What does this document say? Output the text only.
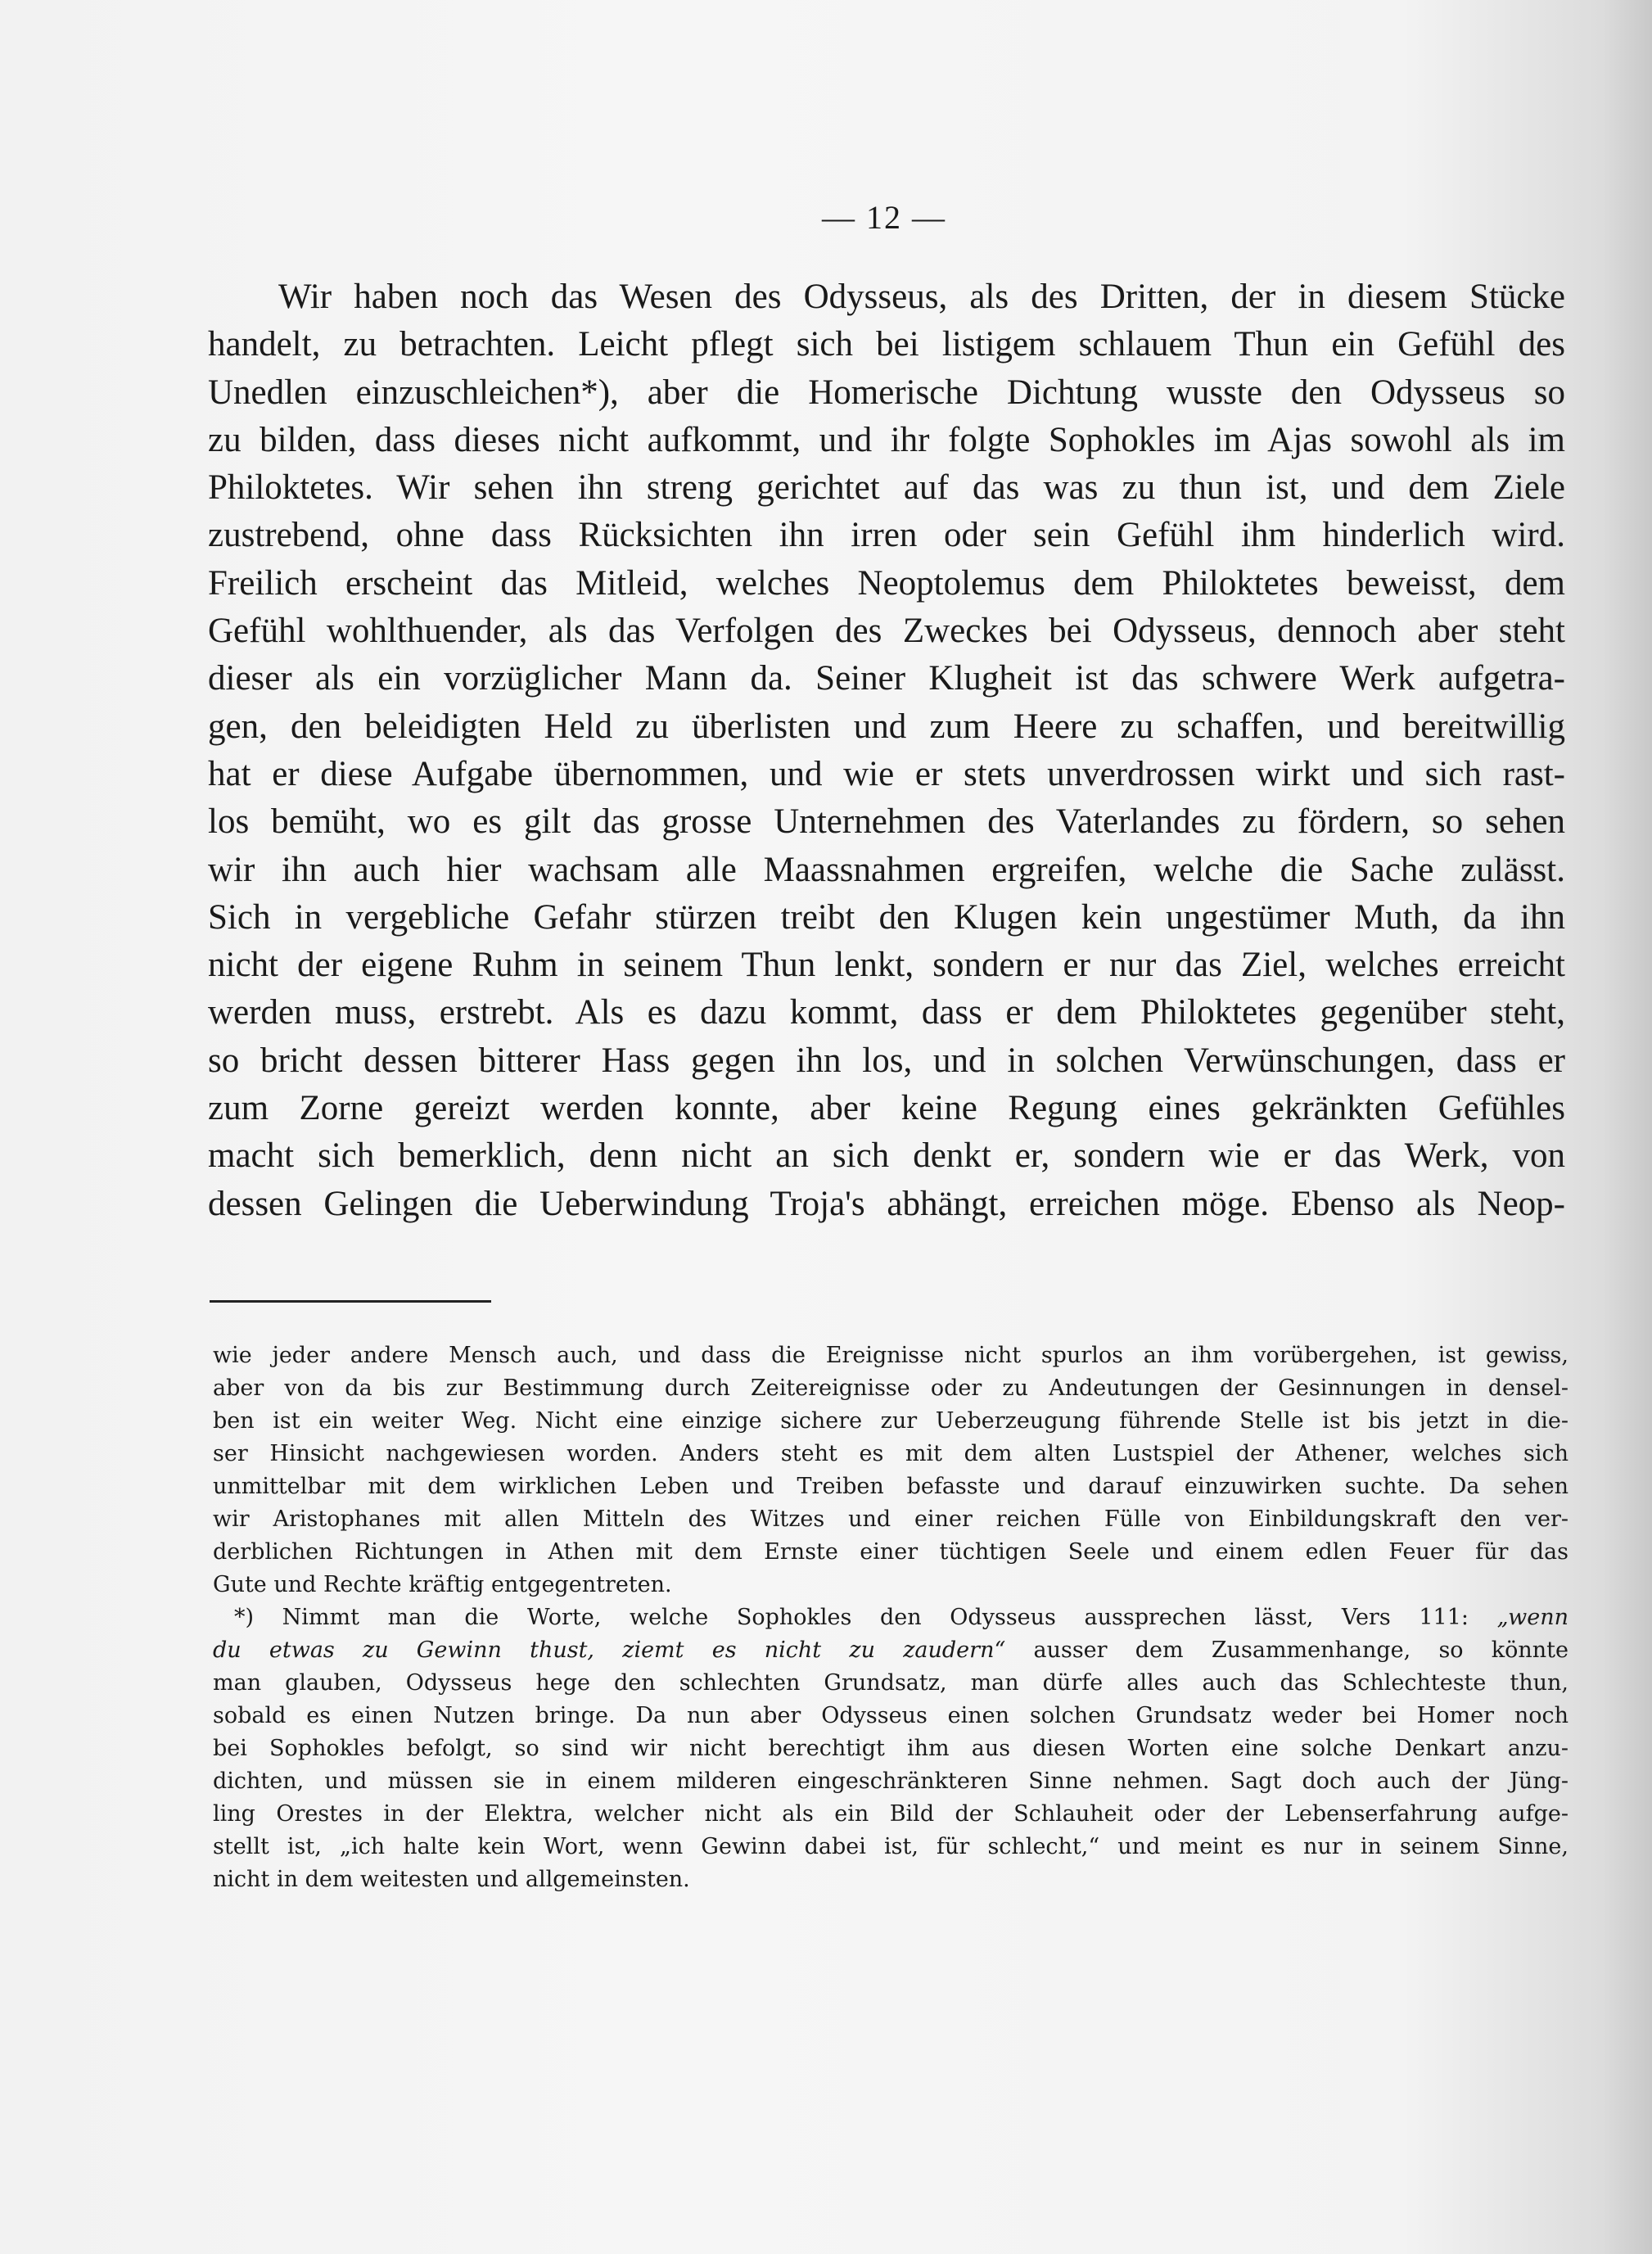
— 12 —
Wir haben noch das Wesen des Odysseus, als des Dritten, der in diesem Stücke
handelt, zu betrachten. Leicht pflegt sich bei listigem schlauem Thun ein Gefühl des
Unedlen einzuschleichen*), aber die Homerische Dichtung wusste den Odysseus so
zu bilden, dass dieses nicht aufkommt, und ihr folgte Sophokles im Ajas sowohl als im
Philoktetes. Wir sehen ihn streng gerichtet auf das was zu thun ist, und dem Ziele
zustrebend, ohne dass Rücksichten ihn irren oder sein Gefühl ihm hinderlich wird.
Freilich erscheint das Mitleid, welches Neoptolemus dem Philoktetes beweisst, dem
Gefühl wohlthuender, als das Verfolgen des Zweckes bei Odysseus, dennoch aber steht
dieser als ein vorzüglicher Mann da. Seiner Klugheit ist das schwere Werk aufgetra-
gen, den beleidigten Held zu überlisten und zum Heere zu schaffen, und bereitwillig
hat er diese Aufgabe übernommen, und wie er stets unverdrossen wirkt und sich rast-
los bemüht, wo es gilt das grosse Unternehmen des Vaterlandes zu fördern, so sehen
wir ihn auch hier wachsam alle Maassnahmen ergreifen, welche die Sache zulässt.
Sich in vergebliche Gefahr stürzen treibt den Klugen kein ungestümer Muth, da ihn
nicht der eigene Ruhm in seinem Thun lenkt, sondern er nur das Ziel, welches erreicht
werden muss, erstrebt. Als es dazu kommt, dass er dem Philoktetes gegenüber steht,
so bricht dessen bitterer Hass gegen ihn los, und in solchen Verwünschungen, dass er
zum Zorne gereizt werden konnte, aber keine Regung eines gekränkten Gefühles
macht sich bemerklich, denn nicht an sich denkt er, sondern wie er das Werk, von
dessen Gelingen die Ueberwindung Troja's abhängt, erreichen möge. Ebenso als Neop-
wie jeder andere Mensch auch, und dass die Ereignisse nicht spurlos an ihm vorübergehen, ist gewiss,
aber von da bis zur Bestimmung durch Zeitereignisse oder zu Andeutungen der Gesinnungen in densel-
ben ist ein weiter Weg. Nicht eine einzige sichere zur Ueberzeugung führende Stelle ist bis jetzt in die-
ser Hinsicht nachgewiesen worden. Anders steht es mit dem alten Lustspiel der Athener, welches sich
unmittelbar mit dem wirklichen Leben und Treiben befasste und darauf einzuwirken suchte. Da sehen
wir Aristophanes mit allen Mitteln des Witzes und einer reichen Fülle von Einbildungskraft den ver-
derblichen Richtungen in Athen mit dem Ernste einer tüchtigen Seele und einem edlen Feuer für das
Gute und Rechte kräftig entgegentreten.
*) Nimmt man die Worte, welche Sophokles den Odysseus aussprechen lässt, Vers 111: „wenn
du etwas zu Gewinn thust, ziemt es nicht zu zaudern“ ausser dem Zusammenhange, so könnte
man glauben, Odysseus hege den schlechten Grundsatz, man dürfe alles auch das Schlechteste thun,
sobald es einen Nutzen bringe. Da nun aber Odysseus einen solchen Grundsatz weder bei Homer noch
bei Sophokles befolgt, so sind wir nicht berechtigt ihm aus diesen Worten eine solche Denkart anzu-
dichten, und müssen sie in einem milderen eingeschränkteren Sinne nehmen. Sagt doch auch der Jüng-
ling Orestes in der Elektra, welcher nicht als ein Bild der Schlauheit oder der Lebenserfahrung aufge-
stellt ist, „ich halte kein Wort, wenn Gewinn dabei ist, für schlecht,“ und meint es nur in seinem Sinne,
nicht in dem weitesten und allgemeinsten.
